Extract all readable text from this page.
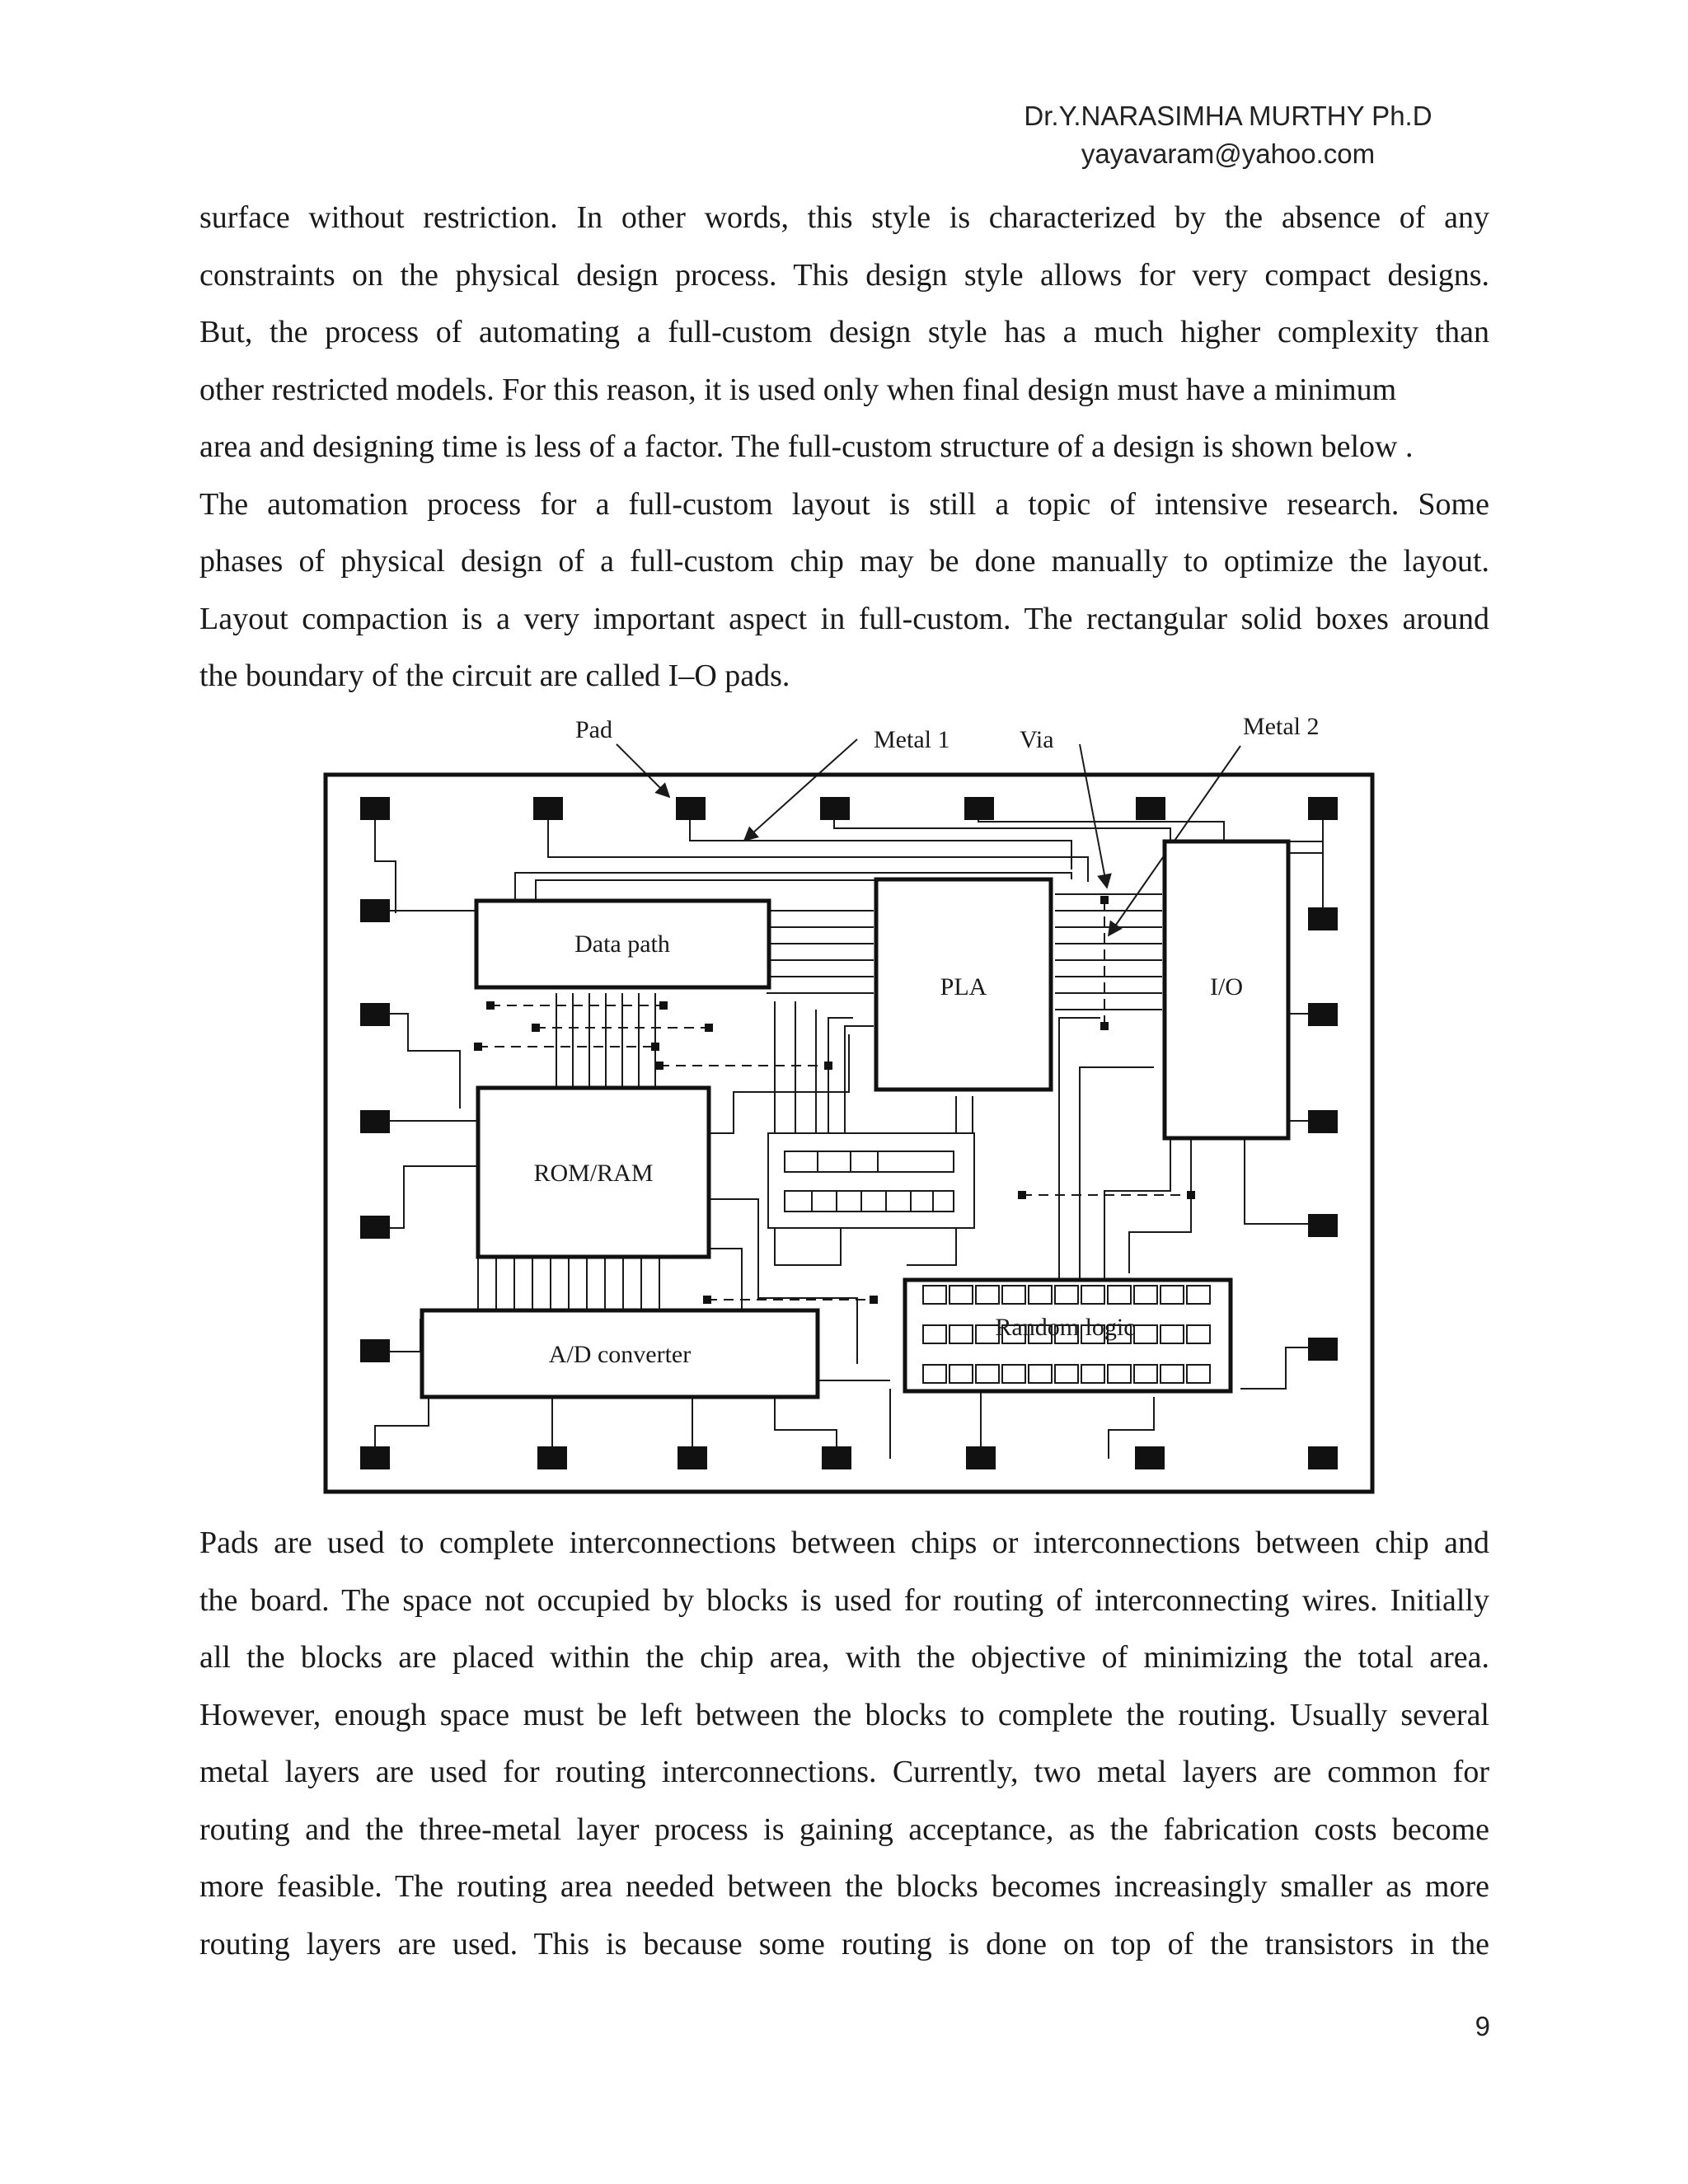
Dr.Y.NARASIMHA MURTHY Ph.D
yayavaram@yahoo.com
surface without restriction. In other words, this style is characterized by the absence of any
constraints on the physical design process. This design style allows for very compact designs.
But, the process of automating a full-custom design style has a much higher complexity than
other restricted models. For this reason, it is used only when final design must have a minimum
area and designing time is less of a factor. The full-custom structure of a design is shown below .
The automation process for a full-custom layout is still a topic of intensive research. Some
phases of physical design of a full-custom chip may be done manually to optimize the layout.
Layout compaction is a very important aspect in full-custom. The rectangular solid boxes around
the boundary of the circuit are called I–O pads.
Pad	Metal 1	Via	Metal 2
Data path
PLA	I/O
ROM/RAM
A/D converter
Random logic
Pads are used to complete interconnections between chips or interconnections between chip and
the board. The space not occupied by blocks is used for routing of interconnecting wires. Initially
all the blocks are placed within the chip area, with the objective of minimizing the total area.
However, enough space must be left between the blocks to complete the routing. Usually several
metal layers are used for routing interconnections. Currently, two metal layers are common for
routing and the three-metal layer process is gaining acceptance, as the fabrication costs become
more feasible. The routing area needed between the blocks becomes increasingly smaller as more
routing layers are used. This is because some routing is done on top of the transistors in the
9
